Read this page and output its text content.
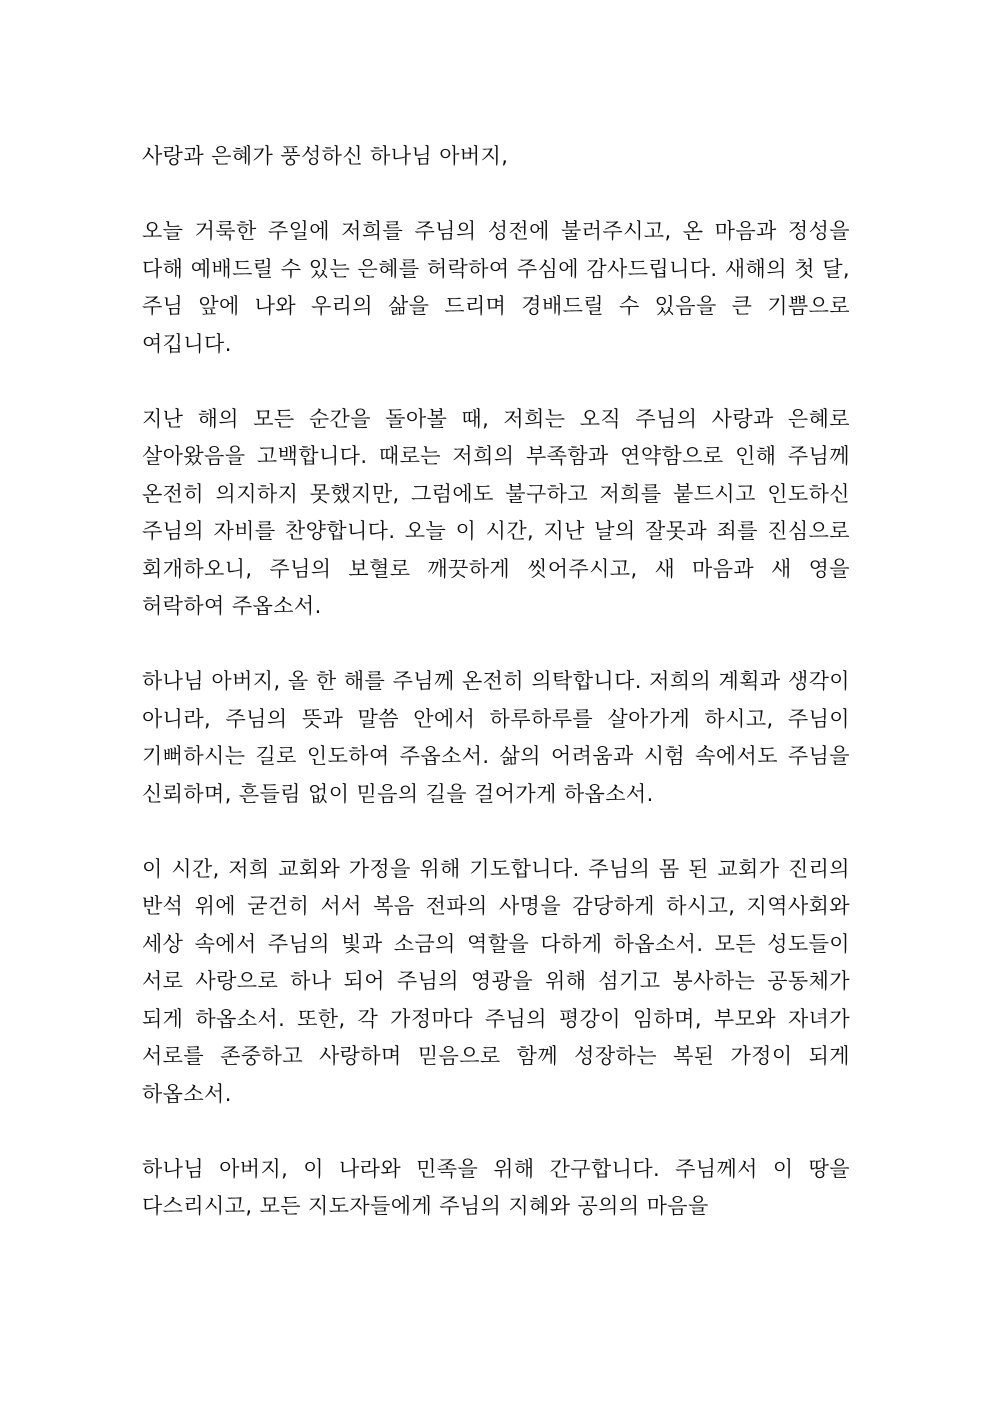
사랑과 은혜가 풍성하신 하나님 아버지,

오늘 거룩한 주일에 저희를 주님의 성전에 불러주시고, 온 마음과 정성을 다해 예배드릴 수 있는 은혜를 허락하여 주심에 감사드립니다. 새해의 첫 달, 주님 앞에 나와 우리의 삶을 드리며 경배드릴 수 있음을 큰 기쁨으로 여깁니다.

지난 해의 모든 순간을 돌아볼 때, 저희는 오직 주님의 사랑과 은혜로 살아왔음을 고백합니다. 때로는 저희의 부족함과 연약함으로 인해 주님께 온전히 의지하지 못했지만, 그럼에도 불구하고 저희를 붙드시고 인도하신 주님의 자비를 찬양합니다. 오늘 이 시간, 지난 날의 잘못과 죄를 진심으로 회개하오니, 주님의 보혈로 깨끗하게 씻어주시고, 새 마음과 새 영을 허락하여 주옵소서.

하나님 아버지, 올 한 해를 주님께 온전히 의탁합니다. 저희의 계획과 생각이 아니라, 주님의 뜻과 말씀 안에서 하루하루를 살아가게 하시고, 주님이 기뻐하시는 길로 인도하여 주옵소서. 삶의 어려움과 시험 속에서도 주님을 신뢰하며, 흔들림 없이 믿음의 길을 걸어가게 하옵소서.

이 시간, 저희 교회와 가정을 위해 기도합니다. 주님의 몸 된 교회가 진리의 반석 위에 굳건히 서서 복음 전파의 사명을 감당하게 하시고, 지역사회와 세상 속에서 주님의 빛과 소금의 역할을 다하게 하옵소서. 모든 성도들이 서로 사랑으로 하나 되어 주님의 영광을 위해 섬기고 봉사하는 공동체가 되게 하옵소서. 또한, 각 가정마다 주님의 평강이 임하며, 부모와 자녀가 서로를 존중하고 사랑하며 믿음으로 함께 성장하는 복된 가정이 되게 하옵소서.

하나님 아버지, 이 나라와 민족을 위해 간구합니다. 주님께서 이 땅을 다스리시고, 모든 지도자들에게 주님의 지혜와 공의의 마음을
